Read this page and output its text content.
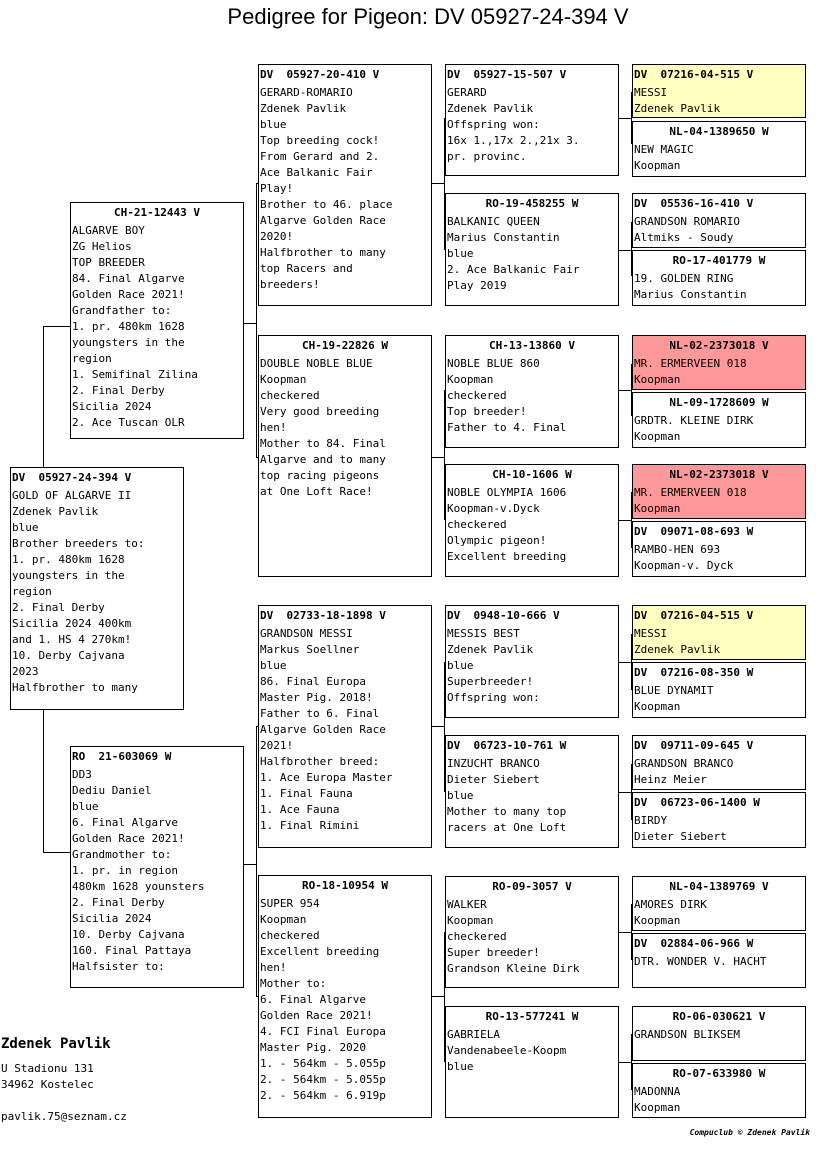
Pedigree for Pigeon: DV 05927-24-394 V
DV  05927-24-394 V
GOLD OF ALGARVE II
Zdenek Pavlik
blue
Brother breeders to:
1. pr. 480km 1628
youngsters in the
region
2. Final Derby
Sicilia 2024 400km
and 1. HS 4 270km!
10. Derby Cajvana
2023
Halfbrother to many
CH-21-12443 V
ALGARVE BOY
ZG Helios
TOP BREEDER
84. Final Algarve
Golden Race 2021!
Grandfather to:
1. pr. 480km 1628
youngsters in the
region
1. Semifinal Zilina
2. Final Derby
Sicilia 2024
2. Ace Tuscan OLR
RO  21-603069 W
DD3
Dediu Daniel
blue
6. Final Algarve
Golden Race 2021!
Grandmother to:
1. pr. in region
480km 1628 younsters
2. Final Derby
Sicilia 2024
10. Derby Cajvana
160. Final Pattaya
Halfsister to:
DV  05927-20-410 V
GERARD-ROMARIO
Zdenek Pavlik
blue
Top breeding cock!
From Gerard and 2.
Ace Balkanic Fair
Play!
Brother to 46. place
Algarve Golden Race
2020!
Halfbrother to many
top Racers and
breeders!
CH-19-22826 W
DOUBLE NOBLE BLUE
Koopman
checkered
Very good breeding
hen!
Mother to 84. Final
Algarve and to many
top racing pigeons
at One Loft Race!
DV  02733-18-1898 V
GRANDSON MESSI
Markus Soellner
blue
86. Final Europa
Master Pig. 2018!
Father to 6. Final
Algarve Golden Race
2021!
Halfbrother breed:
1. Ace Europa Master
1. Final Fauna
1. Ace Fauna
1. Final Rimini
RO-18-10954 W
SUPER 954
Koopman
checkered
Excellent breeding
hen!
Mother to:
6. Final Algarve
Golden Race 2021!
4. FCI Final Europa
Master Pig. 2020
1. - 564km - 5.055p
2. - 564km - 5.055p
2. - 564km - 6.919p
DV  05927-15-507 V
GERARD
Zdenek Pavlik
Offspring won:
16x 1.,17x 2.,21x 3.
pr. provinc.
RO-19-458255 W
BALKANIC QUEEN
Marius Constantin
blue
2. Ace Balkanic Fair
Play 2019
CH-13-13860 V
NOBLE BLUE 860
Koopman
checkered
Top breeder!
Father to 4. Final
CH-10-1606 W
NOBLE OLYMPIA 1606
Koopman-v.Dyck
checkered
Olympic pigeon!
Excellent breeding
DV  0948-10-666 V
MESSIS BEST
Zdenek Pavlik
blue
Superbreeder!
Offspring won:
DV  06723-10-761 W
INZUCHT BRANCO
Dieter Siebert
blue
Mother to many top
racers at One Loft
RO-09-3057 V
WALKER
Koopman
checkered
Super breeder!
Grandson Kleine Dirk
RO-13-577241 W
GABRIELA
Vandenabeele-Koopm
blue
DV  07216-04-515 V
MESSI
Zdenek Pavlik
NL-04-1389650 W
NEW MAGIC
Koopman
DV  05536-16-410 V
GRANDSON ROMARIO
Altmiks - Soudy
RO-17-401779 W
19. GOLDEN RING
Marius Constantin
NL-02-2373018 V
MR. ERMERVEEN 018
Koopman
NL-09-1728609 W
GRDTR. KLEINE DIRK
Koopman
NL-02-2373018 V
MR. ERMERVEEN 018
Koopman
DV  09071-08-693 W
RAMBO-HEN 693
Koopman-v. Dyck
DV  07216-04-515 V
MESSI
Zdenek Pavlik
DV  07216-08-350 W
BLUE DYNAMIT
Koopman
DV  09711-09-645 V
GRANDSON BRANCO
Heinz Meier
DV  06723-06-1400 W
BIRDY
Dieter Siebert
NL-04-1389769 V
AMORES DIRK
Koopman
DV  02884-06-966 W
DTR. WONDER V. HACHT
RO-06-030621 V
GRANDSON BLIKSEM
RO-07-633980 W
MADONNA
Koopman
Zdenek Pavlik
U Stadionu 131
34962 Kostelec
pavlik.75@seznam.cz
Compuclub © Zdenek Pavlik
